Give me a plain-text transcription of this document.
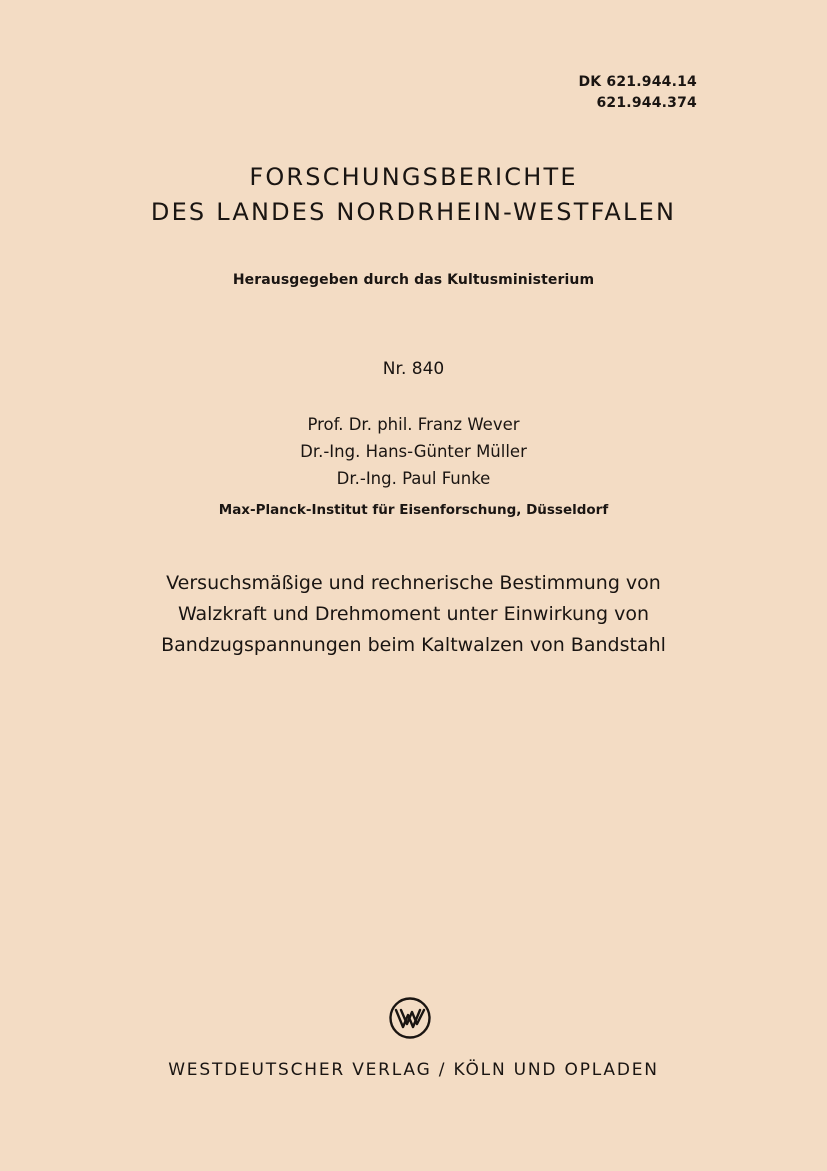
DK 621.944.14
621.944.374
FORSCHUNGSBERICHTE
DES LANDES NORDRHEIN-WESTFALEN
Herausgegeben durch das Kultusministerium
Nr. 840
Prof. Dr. phil. Franz Wever
Dr.-Ing. Hans-Günter Müller
Dr.-Ing. Paul Funke
Max-Planck-Institut für Eisenforschung, Düsseldorf
Versuchsmäßige und rechnerische Bestimmung von
Walzkraft und Drehmoment unter Einwirkung von
Bandzugspannungen beim Kaltwalzen von Bandstahl
WESTDEUTSCHER VERLAG / KÖLN UND OPLADEN
